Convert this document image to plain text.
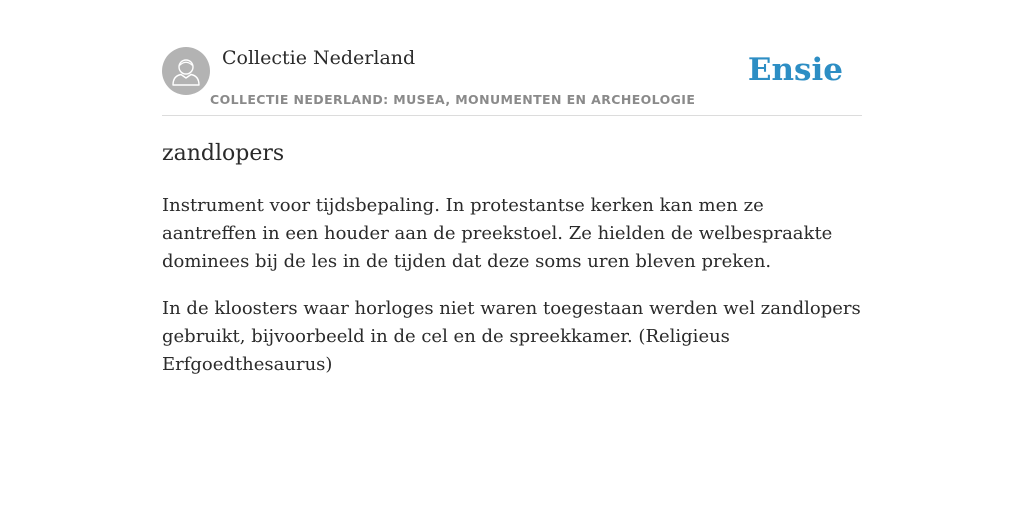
Collectie Nederland
COLLECTIE NEDERLAND: MUSEA, MONUMENTEN EN ARCHEOLOGIE
Ensie
zandlopers

Instrument voor tijdsbepaling. In protestantse kerken kan men ze aantreffen in een houder aan de preekstoel. Ze hielden de welbespraakte dominees bij de les in de tijden dat deze soms uren bleven preken.

In de kloosters waar horloges niet waren toegestaan werden wel zandlopers gebruikt, bijvoorbeeld in de cel en de spreekkamer. (Religieus Erfgoedthesaurus)
